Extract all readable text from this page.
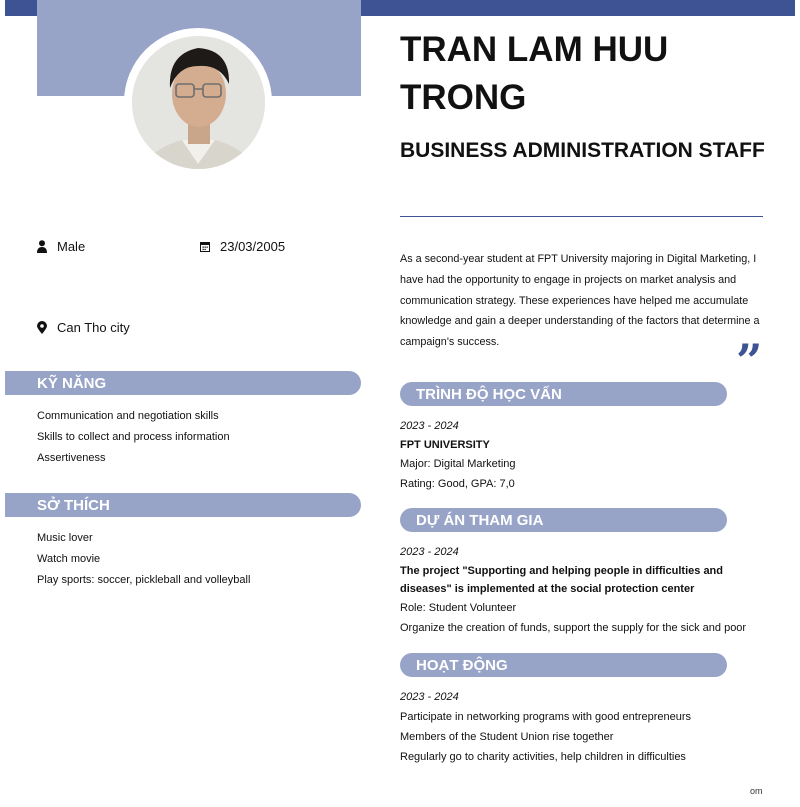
Male	23/03/2005
Can Tho city
KỸ NĂNG
Communication and negotiation skills
Skills to collect and process information
Assertiveness
SỞ THÍCH
Music lover
Watch movie
Play sports: soccer, pickleball and volleyball
TRAN LAM HUU TRONG
BUSINESS ADMINISTRATION STAFF
As a second-year student at FPT University majoring in Digital Marketing, I have had the opportunity to engage in projects on market analysis and communication strategy. These experiences have helped me accumulate knowledge and gain a deeper understanding of the factors that determine a campaign's success.	”
TRÌNH ĐỘ HỌC VẤN
2023 - 2024
FPT UNIVERSITY
Major: Digital Marketing
Rating: Good, GPA: 7,0
DỰ ÁN THAM GIA
2023 - 2024
The project "Supporting and helping people in difficulties and diseases" is implemented at the social protection center
Role: Student Volunteer
Organize the creation of funds, support the supply for the sick and poor
HOẠT ĐỘNG
2023 - 2024
Participate in networking programs with good entrepreneurs
Members of the Student Union rise together
Regularly go to charity activities, help children in difficulties
om
